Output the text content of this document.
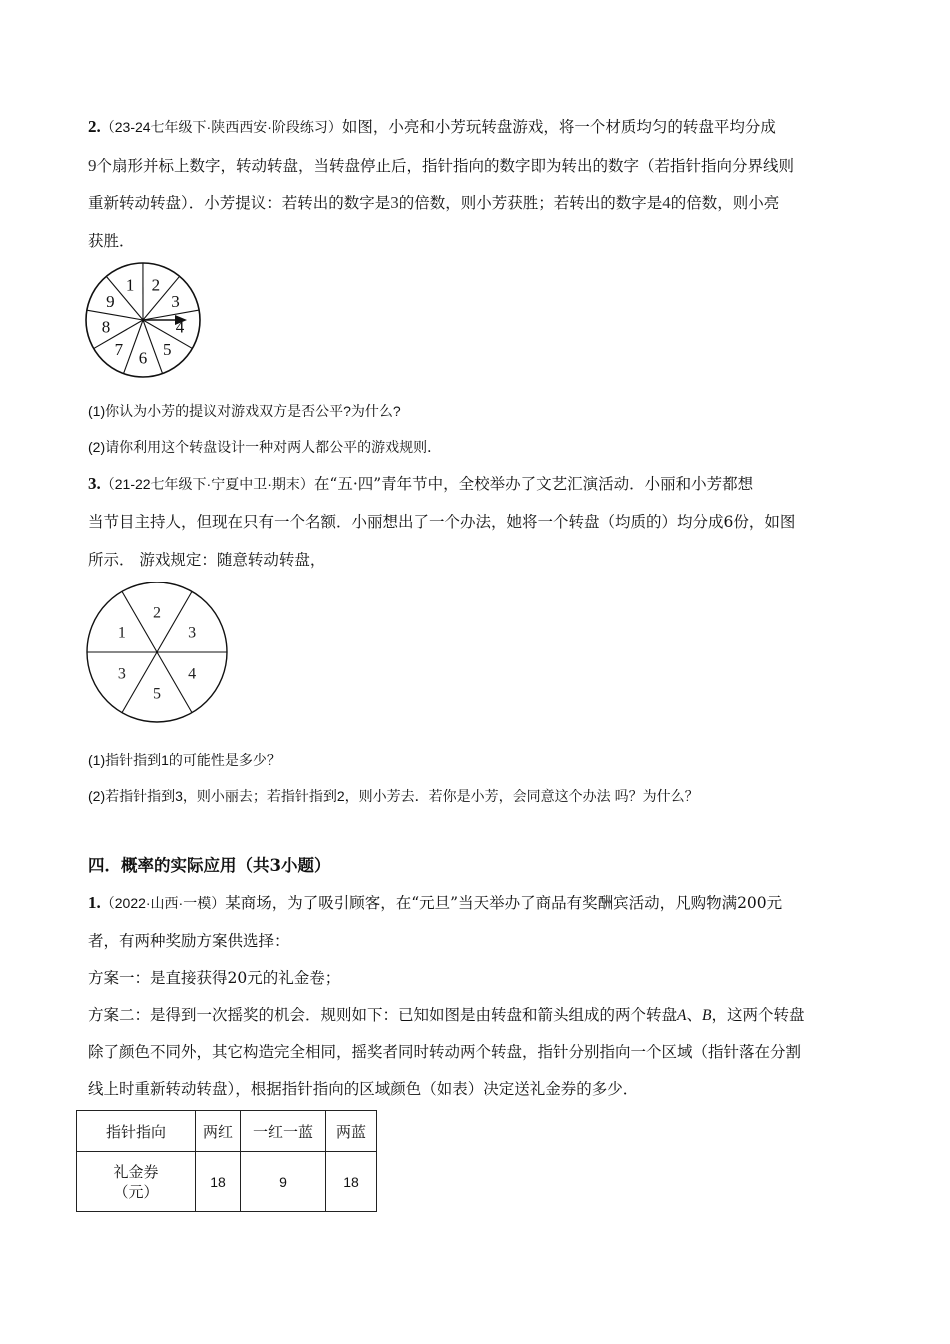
2.（23-24七年级下·陕西西安·阶段练习）如图，小亮和小芳玩转盘游戏，将一个材质均匀的转盘平均分成
9个扇形并标上数字，转动转盘，当转盘停止后，指针指向的数字即为转出的数字（若指针指向分界线则
重新转动转盘）．小芳提议：若转出的数字是3的倍数，则小芳获胜；若转出的数字是4的倍数，则小亮
获胜．
1 2
3
4
5
6
7
8
9
(1)你认为小芳的提议对游戏双方是否公平?为什么?
(2)请你利用这个转盘设计一种对两人都公平的游戏规则．
3.（21-22七年级下·宁夏中卫·期末）在“五·四”青年节中，全校举办了文艺汇演活动．小丽和小芳都想
当节目主持人，但现在只有一个名额．小丽想出了一个办法，她将一个转盘（均质的）均分成6份，如图
所示． 游戏规定：随意转动转盘，
1
2
3
4
5
3
(1)指针指到1的可能性是多少？
(2)若指针指到3，则小丽去；若指针指到2，则小芳去．若你是小芳，会同意这个办法 吗？为什么？
四．概率的实际应用（共3小题）
1.（2022·山西·一模）某商场，为了吸引顾客，在“元旦”当天举办了商品有奖酬宾活动，凡购物满200元
者，有两种奖励方案供选择：
方案一：是直接获得20元的礼金卷；
方案二：是得到一次摇奖的机会．规则如下：已知如图是由转盘和箭头组成的两个转盘A、B，这两个转盘
除了颜色不同外，其它构造完全相同，摇奖者同时转动两个转盘，指针分别指向一个区域（指针落在分割
线上时重新转动转盘），根据指针指向的区域颜色（如表）决定送礼金券的多少．
指针指向	两红	一红一蓝	两蓝

礼金券（元）	18	9	18
